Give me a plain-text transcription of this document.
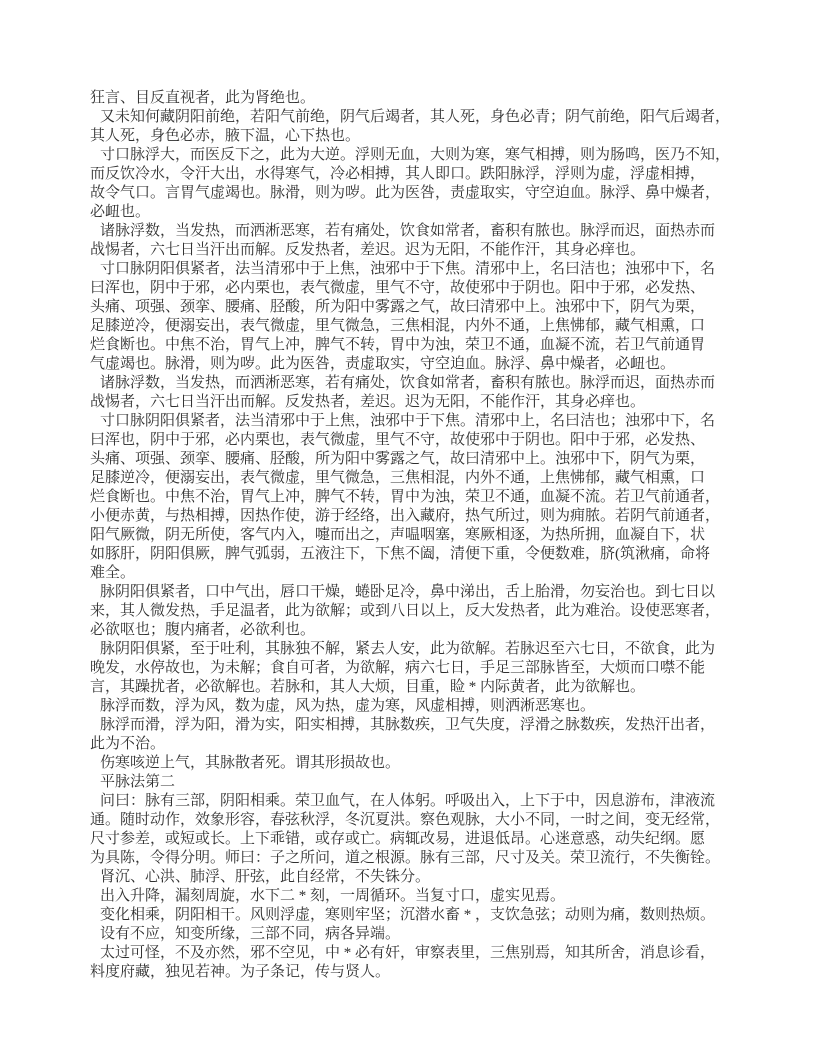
狂言、目反直视者，此为肾绝也。
又未知何藏阴阳前绝，若阳气前绝，阴气后竭者，其人死，身色必青；阴气前绝，阳气后竭者，
其人死，身色必赤，腋下温，心下热也。
寸口脉浮大，而医反下之，此为大逆。浮则无血，大则为寒，寒气相搏，则为肠鸣，医乃不知，
而反饮冷水，令汗大出，水得寒气，冷必相搏，其人即口。跌阳脉浮，浮则为虚，浮虚相搏，
故令气口。言胃气虚竭也。脉滑，则为哕。此为医咎，责虚取实，守空迫血。脉浮、鼻中燥者，
必衄也。
诸脉浮数，当发热，而洒淅恶寒，若有痛处，饮食如常者，畜积有脓也。脉浮而迟，面热赤而
战惕者，六七日当汗出而解。反发热者，差迟。迟为无阳，不能作汗，其身必痒也。
寸口脉阴阳俱紧者，法当清邪中于上焦，浊邪中于下焦。清邪中上，名曰洁也；浊邪中下，名
曰浑也，阴中于邪，必内栗也，表气微虚，里气不守，故使邪中于阴也。阳中于邪，必发热、
头痛、项强、颈挛、腰痛、胫酸，所为阳中雾露之气，故曰清邪中上。浊邪中下，阴气为栗，
足膝逆冷，便溺妄出，表气微虚，里气微急，三焦相混，内外不通，上焦怫郁，藏气相熏，口
烂食断也。中焦不治，胃气上冲，脾气不转，胃中为浊，荣卫不通，血凝不流，若卫气前通胃
气虚竭也。脉滑，则为哕。此为医咎，责虚取实，守空迫血。脉浮、鼻中燥者，必衄也。
诸脉浮数，当发热，而洒淅恶寒，若有痛处，饮食如常者，畜积有脓也。脉浮而迟，面热赤而
战惕者，六七日当汗出而解。反发热者，差迟。迟为无阳，不能作汗，其身必痒也。
寸口脉阴阳俱紧者，法当清邪中于上焦，浊邪中于下焦。清邪中上，名曰洁也；浊邪中下，名
曰浑也，阴中于邪，必内栗也，表气微虚，里气不守，故使邪中于阴也。阳中于邪，必发热、
头痛、项强、颈挛、腰痛、胫酸，所为阳中雾露之气，故曰清邪中上。浊邪中下，阴气为栗，
足膝逆冷，便溺妄出，表气微虚，里气微急，三焦相混，内外不通，上焦怫郁，藏气相熏，口
烂食断也。中焦不治，胃气上冲，脾气不转，胃中为浊，荣卫不通，血凝不流。若卫气前通者，
小便赤黄，与热相搏，因热作使，游于经络，出入藏府，热气所过，则为痈脓。若阴气前通者，
阳气厥微，阴无所使，客气内入，嚏而出之，声嗢咽塞，寒厥相逐，为热所拥，血凝自下，状
如豚肝，阴阳俱厥，脾气弧弱，五液注下，下焦不阖，清便下重，令便数难，脐(筑湫痛，命将
难全。
脉阴阳俱紧者，口中气出，唇口干燥，蜷卧足冷，鼻中涕出，舌上胎滑，勿妄治也。到七日以
来，其人微发热，手足温者，此为欲解；或到八日以上，反大发热者，此为难治。设使恶寒者，
必欲呕也；腹内痛者，必欲利也。
脉阴阳俱紧，至于吐利，其脉独不解，紧去人安，此为欲解。若脉迟至六七日，不欲食，此为
晚发，水停故也，为未解；食自可者，为欲解，病六七日，手足三部脉皆至，大烦而口噤不能
言，其躁扰者，必欲解也。若脉和，其人大烦，目重，睑 * 内际黄者，此为欲解也。
脉浮而数，浮为风，数为虚，风为热，虚为寒，风虚相搏，则洒淅恶寒也。
脉浮而滑，浮为阳，滑为实，阳实相搏，其脉数疾，卫气失度，浮滑之脉数疾，发热汗出者，
此为不治。
伤寒咳逆上气，其脉散者死。谓其形损故也。
平脉法第二
问曰：脉有三部，阴阳相乘。荣卫血气，在人体躬。呼吸出入，上下于中，因息游布，津液流
通。随时动作，效象形容，春弦秋浮，冬沉夏洪。察色观脉，大小不同，一时之间，变无经常，
尺寸参差，或短或长。上下乖错，或存或亡。病辄改易，进退低昂。心迷意惑，动失纪纲。愿
为具陈，令得分明。师曰：子之所问，道之根源。脉有三部，尺寸及关。荣卫流行，不失衡铨。
肾沉、心洪、肺浮、肝弦，此自经常，不失铢分。
出入升降，漏刻周旋，水下二 * 刻，一周循环。当复寸口，虚实见焉。
变化相乘，阴阳相干。风则浮虚，寒则牢坚；沉潜水畜 * ，支饮急弦；动则为痛，数则热烦。
设有不应，知变所缘，三部不同，病各异端。
太过可怪，不及亦然，邪不空见，中 * 必有奸，审察表里，三焦别焉，知其所舍，消息诊看，
料度府藏，独见若神。为子条记，传与贤人。
